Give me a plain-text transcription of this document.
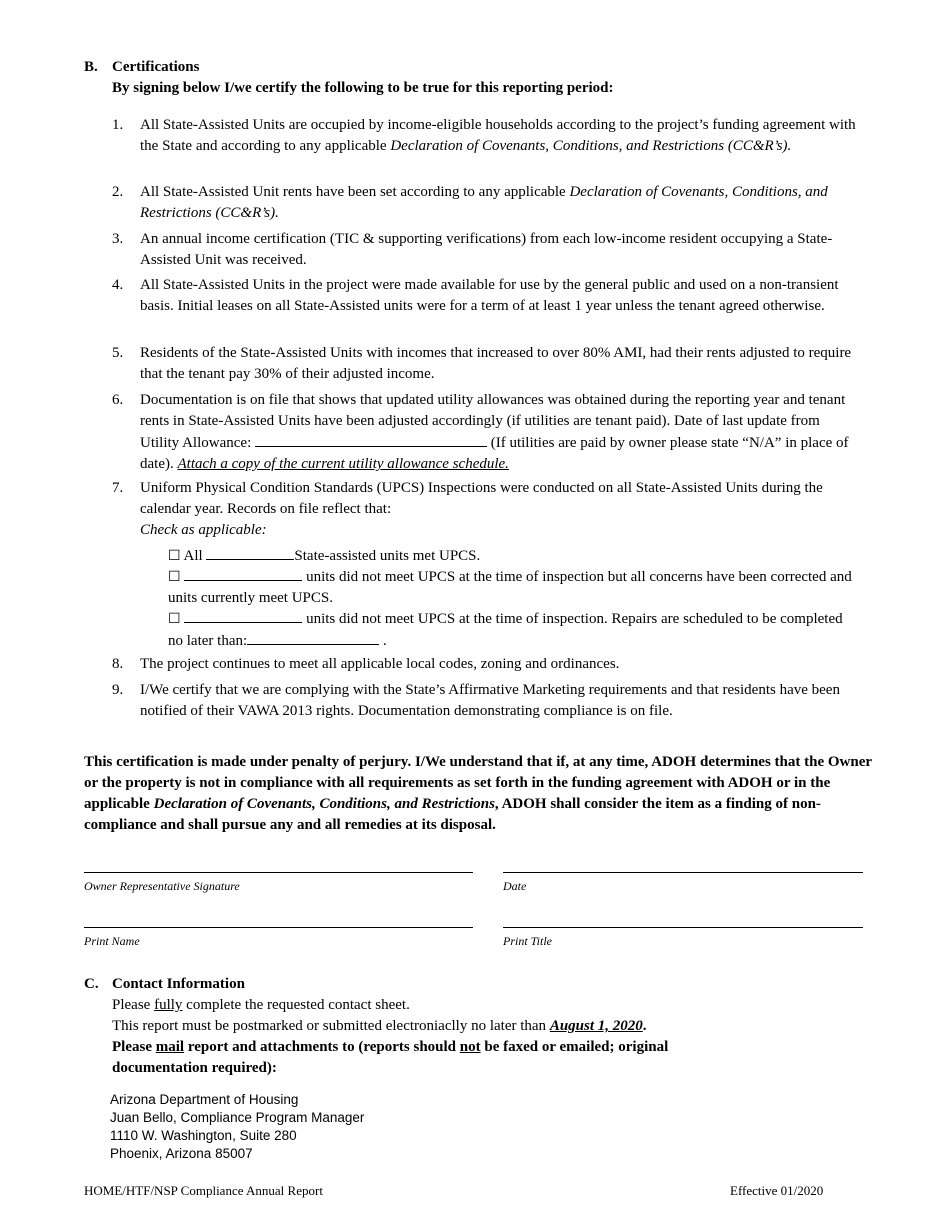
B. Certifications
By signing below I/we certify the following to be true for this reporting period:
1. All State-Assisted Units are occupied by income-eligible households according to the project’s funding agreement with the State and according to any applicable Declaration of Covenants, Conditions, and Restrictions (CC&R’s).
2. All State-Assisted Unit rents have been set according to any applicable Declaration of Covenants, Conditions, and Restrictions (CC&R’s).
3. An annual income certification (TIC & supporting verifications) from each low-income resident occupying a State-Assisted Unit was received.
4. All State-Assisted Units in the project were made available for use by the general public and used on a non-transient basis. Initial leases on all State-Assisted units were for a term of at least 1 year unless the tenant agreed otherwise.
5. Residents of the State-Assisted Units with incomes that increased to over 80% AMI, had their rents adjusted to require that the tenant pay 30% of their adjusted income.
6. Documentation is on file that shows that updated utility allowances was obtained during the reporting year and tenant rents in State-Assisted Units have been adjusted accordingly (if utilities are tenant paid). Date of last update from Utility Allowance:	(If utilities are paid by owner please state “N/A” in place of date). Attach a copy of the current utility allowance schedule.
7. Uniform Physical Condition Standards (UPCS) Inspections were conducted on all State-Assisted Units during the calendar year. Records on file reflect that:
Check as applicable:
☐ All	State-assisted units met UPCS.
☐	units did not meet UPCS at the time of inspection but all concerns have been corrected and units currently meet UPCS.
☐	units did not meet UPCS at the time of inspection. Repairs are scheduled to be completed no later than:	.
8. The project continues to meet all applicable local codes, zoning and ordinances.
9. I/We certify that we are complying with the State’s Affirmative Marketing requirements and that residents have been notified of their VAWA 2013 rights. Documentation demonstrating compliance is on file.
This certification is made under penalty of perjury. I/We understand that if, at any time, ADOH determines that the Owner or the property is not in compliance with all requirements as set forth in the funding agreement with ADOH or in the applicable Declaration of Covenants, Conditions, and Restrictions, ADOH shall consider the item as a finding of non-compliance and shall pursue any and all remedies at its disposal.
Owner Representative Signature	Date
Print Name	Print Title
C. Contact Information
Please fully complete the requested contact sheet.
This report must be postmarked or submitted electroniaclly no later than August 1, 2020.
Please mail report and attachments to (reports should not be faxed or emailed; original documentation required):
Arizona Department of Housing
Juan Bello, Compliance Program Manager
1110 W. Washington, Suite 280
Phoenix, Arizona 85007
HOME/HTF/NSP Compliance Annual Report	Effective 01/2020
